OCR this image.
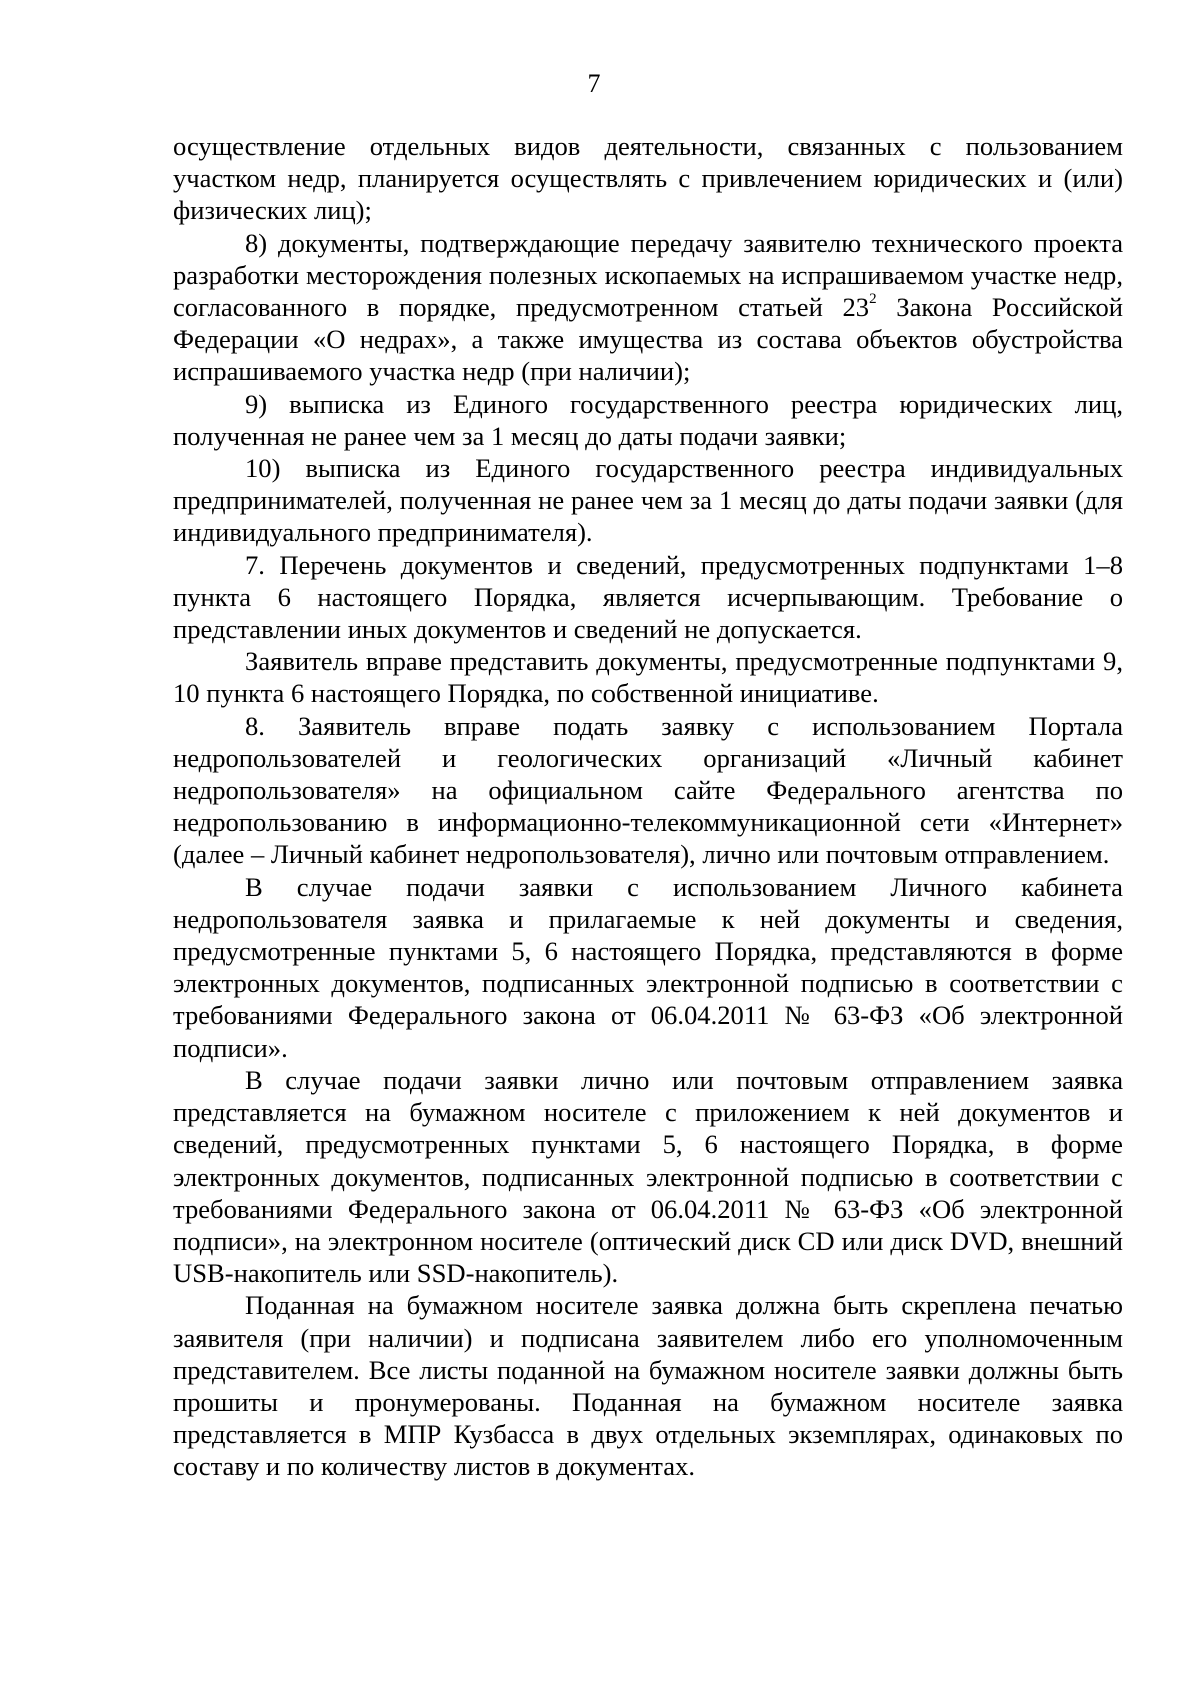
7

осуществление отдельных видов деятельности, связанных с пользованием участком недр, планируется осуществлять с привлечением юридических и (или) физических лиц);

8) документы, подтверждающие передачу заявителю технического проекта разработки месторождения полезных ископаемых на испрашиваемом участке недр, согласованного в порядке, предусмотренном статьей $23^2$ Закона Российской Федерации «О недрах», а также имущества из состава объектов обустройства испрашиваемого участка недр (при наличии);

9) выписка из Единого государственного реестра юридических лиц, полученная не ранее чем за 1 месяц до даты подачи заявки;

10) выписка из Единого государственного реестра индивидуальных предпринимателей, полученная не ранее чем за 1 месяц до даты подачи заявки (для индивидуального предпринимателя).

7. Перечень документов и сведений, предусмотренных подпунктами 1–8 пункта 6 настоящего Порядка, является исчерпывающим. Требование о представлении иных документов и сведений не допускается.

Заявитель вправе представить документы, предусмотренные подпунктами 9, 10 пункта 6 настоящего Порядка, по собственной инициативе.

8. Заявитель вправе подать заявку с использованием Портала недропользователей и геологических организаций «Личный кабинет недропользователя» на официальном сайте Федерального агентства по недропользованию в информационно-телекоммуникационной сети «Интернет» (далее – Личный кабинет недропользователя), лично или почтовым отправлением.

В случае подачи заявки с использованием Личного кабинета недропользователя заявка и прилагаемые к ней документы и сведения, предусмотренные пунктами 5, 6 настоящего Порядка, представляются в форме электронных документов, подписанных электронной подписью в соответствии с требованиями Федерального закона от 06.04.2011 № 63-ФЗ «Об электронной подписи».

В случае подачи заявки лично или почтовым отправлением заявка представляется на бумажном носителе с приложением к ней документов и сведений, предусмотренных пунктами 5, 6 настоящего Порядка, в форме электронных документов, подписанных электронной подписью в соответствии с требованиями Федерального закона от 06.04.2011 № 63-ФЗ «Об электронной подписи», на электронном носителе (оптический диск CD или диск DVD, внешний USB-накопитель или SSD-накопитель).

Поданная на бумажном носителе заявка должна быть скреплена печатью заявителя (при наличии) и подписана заявителем либо его уполномоченным представителем. Все листы поданной на бумажном носителе заявки должны быть прошиты и пронумерованы. Поданная на бумажном носителе заявка представляется в МПР Кузбасса в двух отдельных экземплярах, одинаковых по составу и по количеству листов в документах.
